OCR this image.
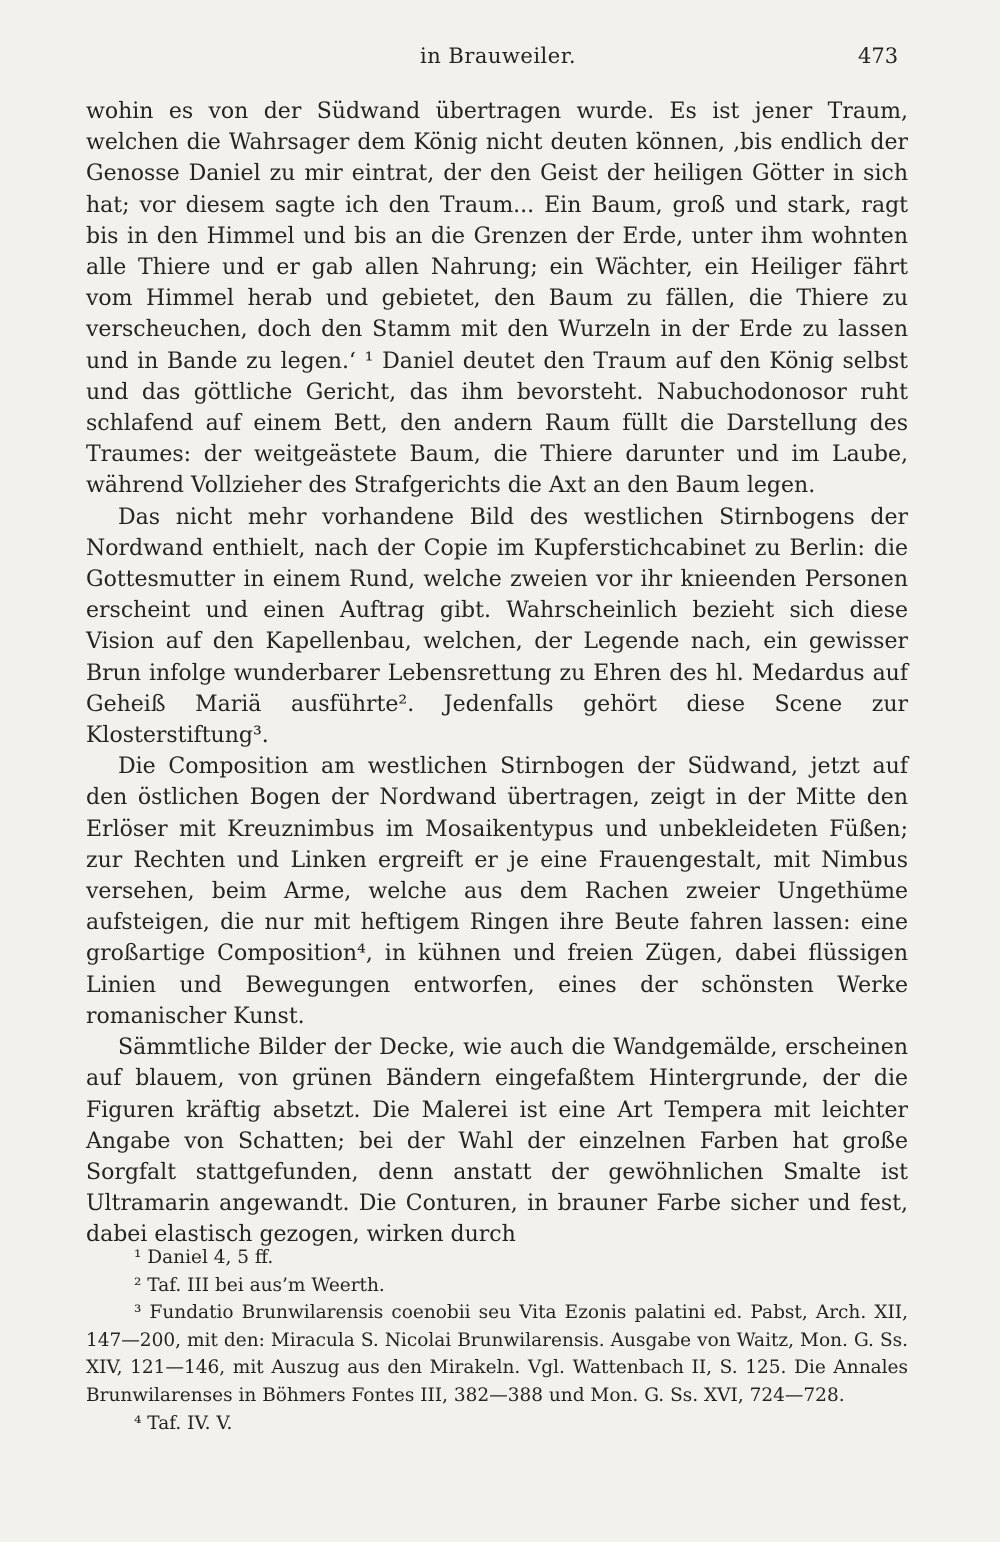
in Brauweiler.	473

wohin es von der Südwand übertragen wurde. Es ist jener Traum, welchen die Wahrsager dem König nicht deuten können, ‚bis endlich der Genosse Daniel zu mir eintrat, der den Geist der heiligen Götter in sich hat; vor diesem sagte ich den Traum... Ein Baum, groß und stark, ragt bis in den Himmel und bis an die Grenzen der Erde, unter ihm wohnten alle Thiere und er gab allen Nahrung; ein Wächter, ein Heiliger fährt vom Himmel herab und gebietet, den Baum zu fällen, die Thiere zu verscheuchen, doch den Stamm mit den Wurzeln in der Erde zu lassen und in Bande zu legen.‘ ¹ Daniel deutet den Traum auf den König selbst und das göttliche Gericht, das ihm bevorsteht. Nabuchodonosor ruht schlafend auf einem Bett, den andern Raum füllt die Darstellung des Traumes: der weitgeästete Baum, die Thiere darunter und im Laube, während Vollzieher des Strafgerichts die Axt an den Baum legen.

Das nicht mehr vorhandene Bild des westlichen Stirnbogens der Nordwand enthielt, nach der Copie im Kupferstichcabinet zu Berlin: die Gottesmutter in einem Rund, welche zweien vor ihr knieenden Personen erscheint und einen Auftrag gibt. Wahrscheinlich bezieht sich diese Vision auf den Kapellenbau, welchen, der Legende nach, ein gewisser Brun infolge wunderbarer Lebensrettung zu Ehren des hl. Medardus auf Geheiß Mariä ausführte². Jedenfalls gehört diese Scene zur Klosterstiftung³.

Die Composition am westlichen Stirnbogen der Südwand, jetzt auf den östlichen Bogen der Nordwand übertragen, zeigt in der Mitte den Erlöser mit Kreuznimbus im Mosaikentypus und unbekleideten Füßen; zur Rechten und Linken ergreift er je eine Frauengestalt, mit Nimbus versehen, beim Arme, welche aus dem Rachen zweier Ungethüme aufsteigen, die nur mit heftigem Ringen ihre Beute fahren lassen: eine großartige Composition⁴, in kühnen und freien Zügen, dabei flüssigen Linien und Bewegungen entworfen, eines der schönsten Werke romanischer Kunst.

Sämmtliche Bilder der Decke, wie auch die Wandgemälde, erscheinen auf blauem, von grünen Bändern eingefaßtem Hintergrunde, der die Figuren kräftig absetzt. Die Malerei ist eine Art Tempera mit leichter Angabe von Schatten; bei der Wahl der einzelnen Farben hat große Sorgfalt stattgefunden, denn anstatt der gewöhnlichen Smalte ist Ultramarin angewandt. Die Conturen, in brauner Farbe sicher und fest, dabei elastisch gezogen, wirken durch

¹ Daniel 4, 5 ff.

² Taf. III bei aus’m Weerth.

³ Fundatio Brunwilarensis coenobii seu Vita Ezonis palatini ed. Pabst, Arch. XII, 147—200, mit den: Miracula S. Nicolai Brunwilarensis. Ausgabe von Waitz, Mon. G. Ss. XIV, 121—146, mit Auszug aus den Mirakeln. Vgl. Wattenbach II, S. 125. Die Annales Brunwilarenses in Böhmers Fontes III, 382—388 und Mon. G. Ss. XVI, 724—728.

⁴ Taf. IV. V.
